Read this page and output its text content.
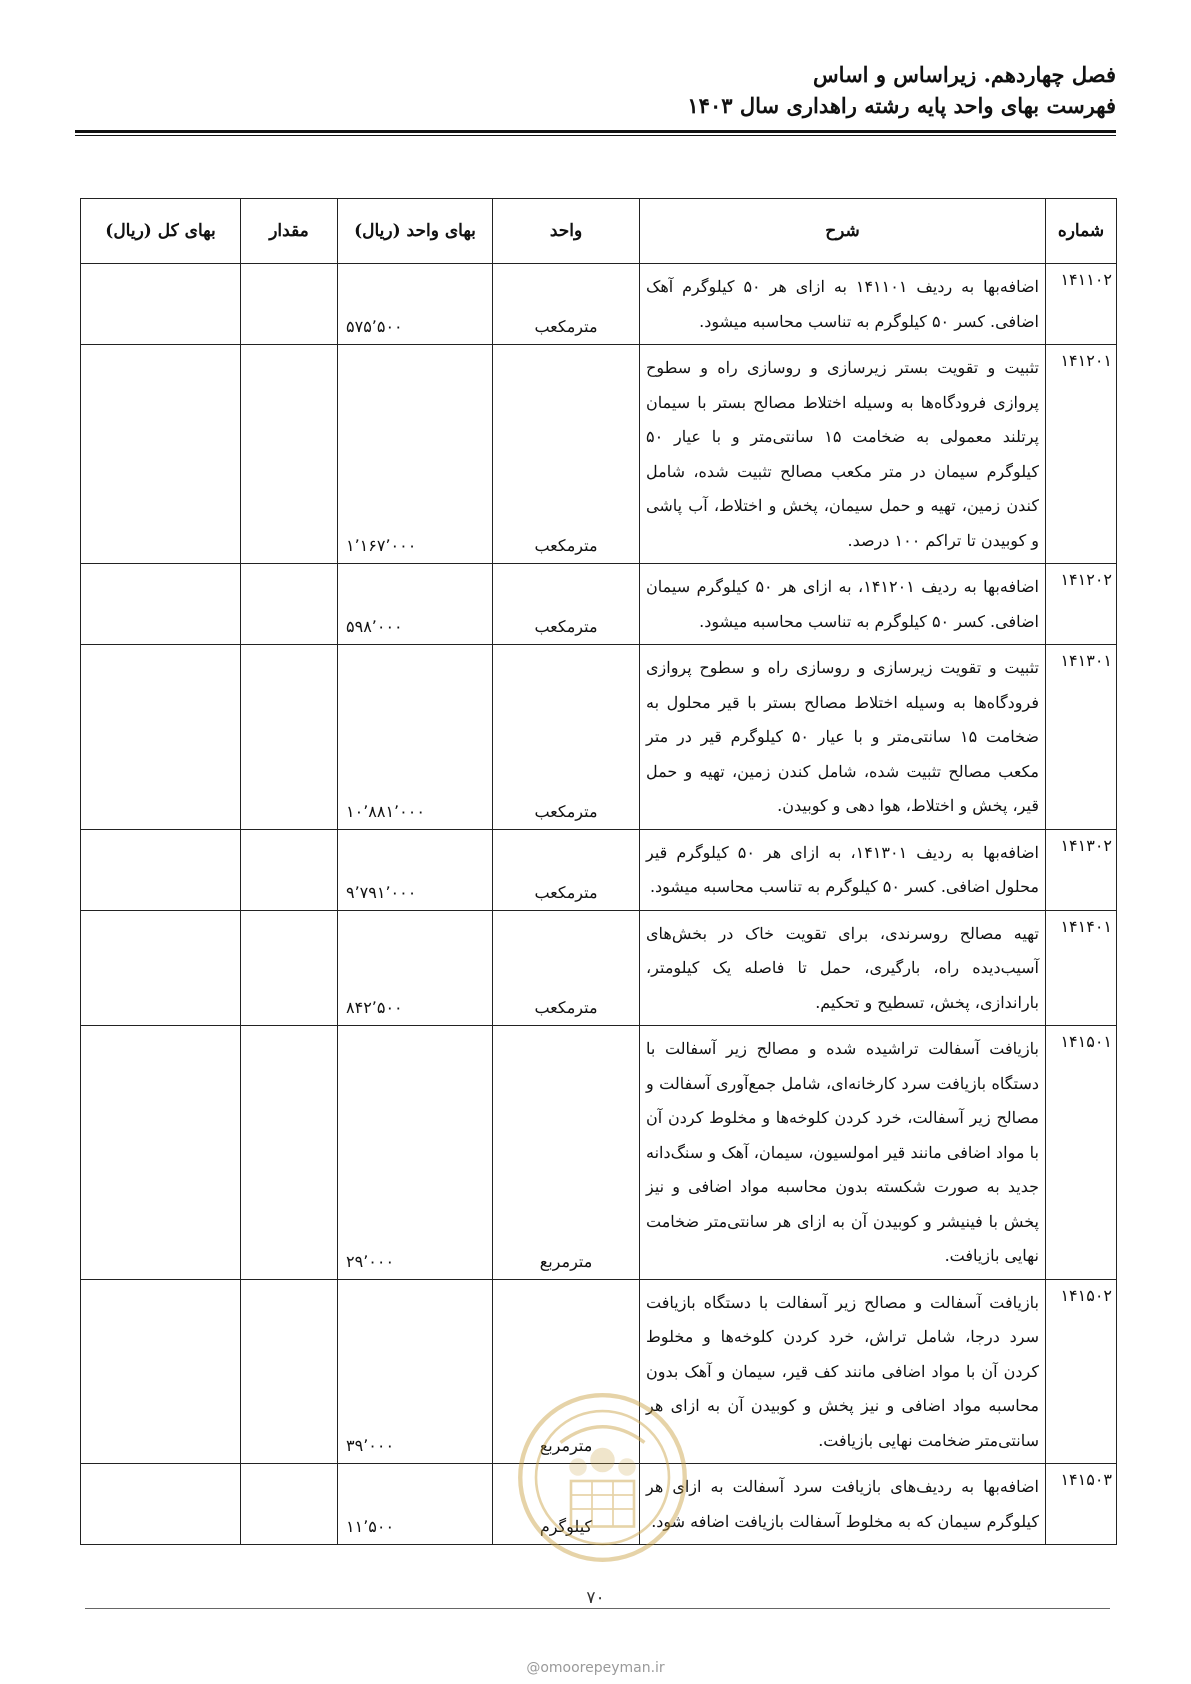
فصل چهاردهم. زیراساس و اساس
فهرست بهای واحد پایه رشته راهداری سال ۱۴۰۳
شماره	شرح	واحد	بهای واحد (ریال)	مقدار	بهای کل (ریال)
۱۴۱۱۰۲	اضافه‌بها به ردیف ۱۴۱۱۰۱ به ازای هر ۵۰ کیلوگرم آهک اضافی. کسر ۵۰ کیلوگرم به تناسب محاسبه میشود.	مترمکعب	۵۷۵٬۵۰۰		
۱۴۱۲۰۱	تثبیت و تقویت بستر زیرسازی و روسازی راه و سطوح پروازی فرودگاه‌ها به وسیله اختلاط مصالح بستر با سیمان پرتلند معمولی به ضخامت ۱۵ سانتی‌متر و با عیار ۵۰ کیلوگرم سیمان در متر مکعب مصالح تثبیت شده، شامل کندن زمین، تهیه و حمل سیمان، پخش و اختلاط، آب پاشی و کوبیدن تا تراکم ۱۰۰ درصد.	مترمکعب	۱٬۱۶۷٬۰۰۰		
۱۴۱۲۰۲	اضافه‌بها به ردیف ۱۴۱۲۰۱، به ازای هر ۵۰ کیلوگرم سیمان اضافی. کسر ۵۰ کیلوگرم به تناسب محاسبه میشود.	مترمکعب	۵۹۸٬۰۰۰		
۱۴۱۳۰۱	تثبیت و تقویت زیرسازی و روسازی راه و سطوح پروازی فرودگاه‌ها به وسیله اختلاط مصالح بستر با قیر محلول به ضخامت ۱۵ سانتی‌متر و با عیار ۵۰ کیلوگرم قیر در متر مکعب مصالح تثبیت شده، شامل کندن زمین، تهیه و حمل قیر، پخش و اختلاط، هوا دهی و کوبیدن.	مترمکعب	۱۰٬۸۸۱٬۰۰۰		
۱۴۱۳۰۲	اضافه‌بها به ردیف ۱۴۱۳۰۱، به ازای هر ۵۰ کیلوگرم قیر محلول اضافی. کسر ۵۰ کیلوگرم به تناسب محاسبه میشود.	مترمکعب	۹٬۷۹۱٬۰۰۰		
۱۴۱۴۰۱	تهیه مصالح روسرندی، برای تقویت خاک در بخش‌های آسیب‌دیده راه، بارگیری، حمل تا فاصله یک کیلومتر، باراندازی، پخش، تسطیح و تحکیم.	مترمکعب	۸۴۲٬۵۰۰		
۱۴۱۵۰۱	بازیافت آسفالت تراشیده شده و مصالح زیر آسفالت با دستگاه بازیافت سرد کارخانه‌ای، شامل جمع‌آوری آسفالت و مصالح زیر آسفالت، خرد کردن کلوخه‌ها و مخلوط کردن آن با مواد اضافی مانند قیر امولسیون، سیمان، آهک و سنگ‌دانه جدید به صورت شکسته بدون محاسبه مواد اضافی و نیز پخش با فینیشر و کوبیدن آن به ازای هر سانتی‌متر ضخامت نهایی بازیافت.	مترمربع	۲۹٬۰۰۰		
۱۴۱۵۰۲	بازیافت آسفالت و مصالح زیر آسفالت با دستگاه بازیافت سرد درجا، شامل تراش، خرد کردن کلوخه‌ها و مخلوط کردن آن با مواد اضافی مانند کف قیر، سیمان و آهک بدون محاسبه مواد اضافی و نیز پخش و کوبیدن آن به ازای هر سانتی‌متر ضخامت نهایی بازیافت.	مترمربع	۳۹٬۰۰۰		
۱۴۱۵۰۳	اضافه‌بها به ردیف‌های بازیافت سرد آسفالت به ازای هر کیلوگرم سیمان که به مخلوط آسفالت بازیافت اضافه شود.	کیلوگرم	۱۱٬۵۰۰		
۷۰
@omoorepeyman.ir
